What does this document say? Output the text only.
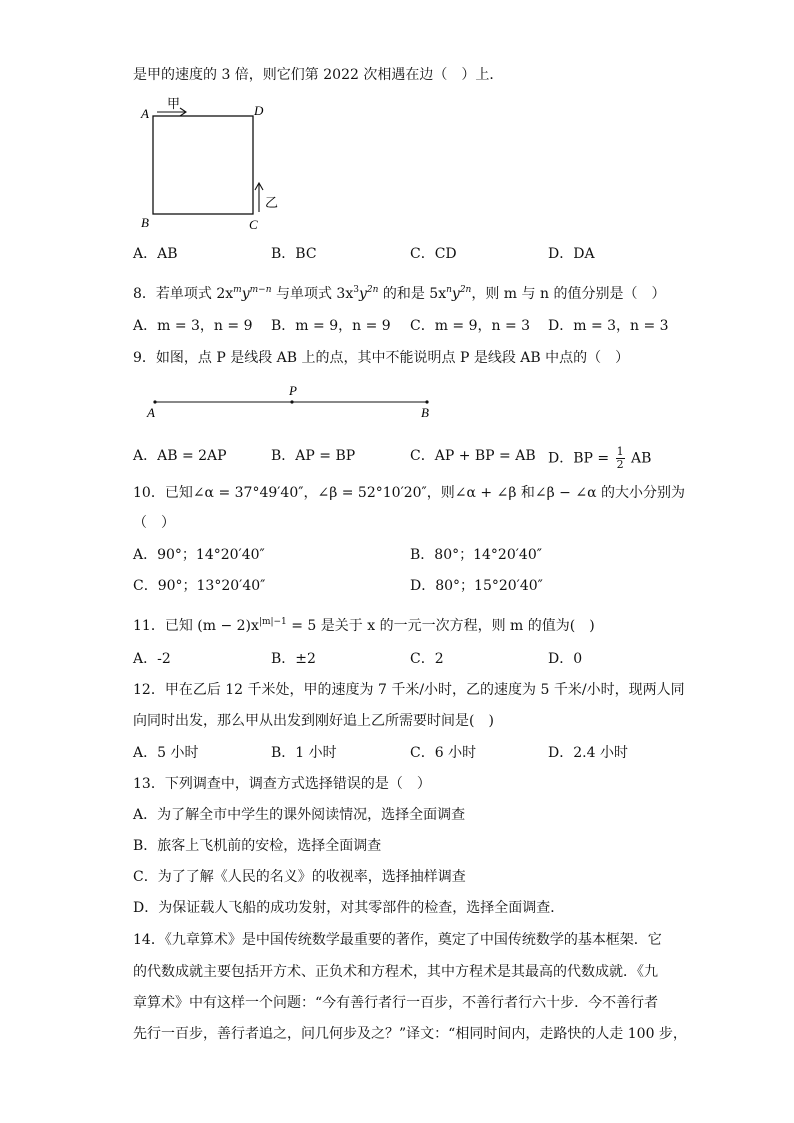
是甲的速度的 3 倍，则它们第 2022 次相遇在边（　）上．
A	D
B	C
甲
乙
A．AB	B．BC	C．CD	D．DA
8．若单项式 $2x^my^{m-n}$ 与单项式 $3x^3y^{2n}$ 的和是 $5x^ny^{2n}$，则 m 与 n 的值分别是（　）
A．m = 3，n = 9 B．m = 9，n = 9 C．m = 9，n = 3 D．m = 3，n = 3
9．如图，点 P 是线段 AB 上的点，其中不能说明点 P 是线段 AB 中点的（　）
A
P
B
A．AB = 2AP	B．AP = BP	C．AP + BP = AB D．BP = $\frac{1}{2}$ AB
10．已知∠α = 37°49′40″，∠β = 52°10′20″，则∠α + ∠β 和∠β − ∠α 的大小分别为
（　）
A．90°；14°20′40″	B．80°；14°20′40″
C．90°；13°20′40″	D．80°；15°20′40″
11．已知 $(m - 2)x^{|m|-1} = 5$ 是关于 x 的一元一次方程，则 m 的值为(　)
A．-2	B．±2	C．2	D．0
12．甲在乙后 12 千米处，甲的速度为 7 千米/小时，乙的速度为 5 千米/小时，现两人同
向同时出发，那么甲从出发到刚好追上乙所需要时间是(　)
A．5 小时	B．1 小时	C．6 小时	D．2.4 小时
13．下列调查中，调查方式选择错误的是（　）
A．为了解全市中学生的课外阅读情况，选择全面调查
B．旅客上飞机前的安检，选择全面调查
C．为了了解《人民的名义》的收视率，选择抽样调查
D．为保证载人飞船的成功发射，对其零部件的检查，选择全面调查．
14．《九章算术》是中国传统数学最重要的著作，奠定了中国传统数学的基本框架．它
的代数成就主要包括开方术、正负术和方程术，其中方程术是其最高的代数成就．《九
章算术》中有这样一个问题：“今有善行者行一百步，不善行者行六十步．今不善行者
先行一百步，善行者追之，问几何步及之？”译文：“相同时间内，走路快的人走 100 步，
